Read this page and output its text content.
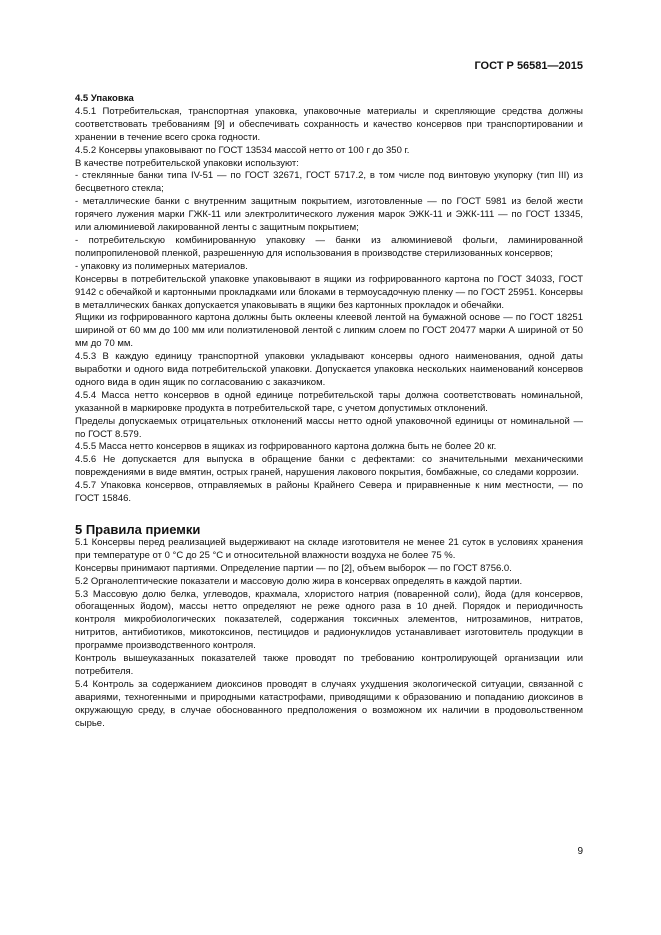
ГОСТ Р 56581—2015

4.5 Упаковка

4.5.1 Потребительская, транспортная упаковка, упаковочные материалы и скрепляющие средства должны соответствовать требованиям [9] и обеспечивать сохранность и качество консервов при транспортировании и хранении в течение всего срока годности.

4.5.2 Консервы упаковывают по ГОСТ 13534 массой нетто от 100 г до 350 г.

В качестве потребительской упаковки используют:

- стеклянные банки типа IV-51 — по ГОСТ 32671, ГОСТ 5717.2, в том числе под винтовую укупорку (тип III) из бесцветного стекла;

- металлические банки с внутренним защитным покрытием, изготовленные — по ГОСТ 5981 из белой жести горячего лужения марки ГЖК-11 или электролитического лужения марок ЭЖК-11 и ЭЖК-111 — по ГОСТ 13345, или алюминиевой лакированной ленты с защитным покрытием;

- потребительскую комбинированную упаковку — банки из алюминиевой фольги, ламинированной полипропиленовой пленкой, разрешенную для использования в производстве стерилизованных консервов;

- упаковку из полимерных материалов.

Консервы в потребительской упаковке упаковывают в ящики из гофрированного картона по ГОСТ 34033, ГОСТ 9142 с обечайкой и картонными прокладками или блоками в термоусадочную пленку — по ГОСТ 25951. Консервы в металлических банках допускается упаковывать в ящики без картонных прокладок и обечайки.

Ящики из гофрированного картона должны быть оклеены клеевой лентой на бумажной основе — по ГОСТ 18251 шириной от 60 мм до 100 мм или полиэтиленовой лентой с липким слоем по ГОСТ 20477 марки А шириной от 50 мм до 70 мм.

4.5.3 В каждую единицу транспортной упаковки укладывают консервы одного наименования, одной даты выработки и одного вида потребительской упаковки. Допускается упаковка нескольких наименований консервов одного вида в один ящик по согласованию с заказчиком.

4.5.4 Масса нетто консервов в одной единице потребительской тары должна соответствовать номинальной, указанной в маркировке продукта в потребительской таре, с учетом допустимых отклонений.

Пределы допускаемых отрицательных отклонений массы нетто одной упаковочной единицы от номинальной — по ГОСТ 8.579.

4.5.5 Масса нетто консервов в ящиках из гофрированного картона должна быть не более 20 кг.

4.5.6 Не допускается для выпуска в обращение банки с дефектами: со значительными механическими повреждениями в виде вмятин, острых граней, нарушения лакового покрытия, бомбажные, со следами коррозии.

4.5.7 Упаковка консервов, отправляемых в районы Крайнего Севера и приравненные к ним местности, — по ГОСТ 15846.

5 Правила приемки

5.1 Консервы перед реализацией выдерживают на складе изготовителя не менее 21 суток в условиях хранения при температуре от 0 °С до 25 °С и относительной влажности воздуха не более 75 %.

Консервы принимают партиями. Определение партии — по [2], объем выборок — по ГОСТ 8756.0.

5.2 Органолептические показатели и массовую долю жира в консервах определять в каждой партии.

5.3 Массовую долю белка, углеводов, крахмала, хлористого натрия (поваренной соли), йода (для консервов, обогащенных йодом), массы нетто определяют не реже одного раза в 10 дней. Порядок и периодичность контроля микробиологических показателей, содержания токсичных элементов, нитрозаминов, нитратов, нитритов, антибиотиков, микотоксинов, пестицидов и радионуклидов устанавливает изготовитель продукции в программе производственного контроля.

Контроль вышеуказанных показателей также проводят по требованию контролирующей организации или потребителя.

5.4 Контроль за содержанием диоксинов проводят в случаях ухудшения экологической ситуации, связанной с авариями, техногенными и природными катастрофами, приводящими к образованию и попаданию диоксинов в окружающую среду, в случае обоснованного предположения о возможном их наличии в продовольственном сырье.

9
